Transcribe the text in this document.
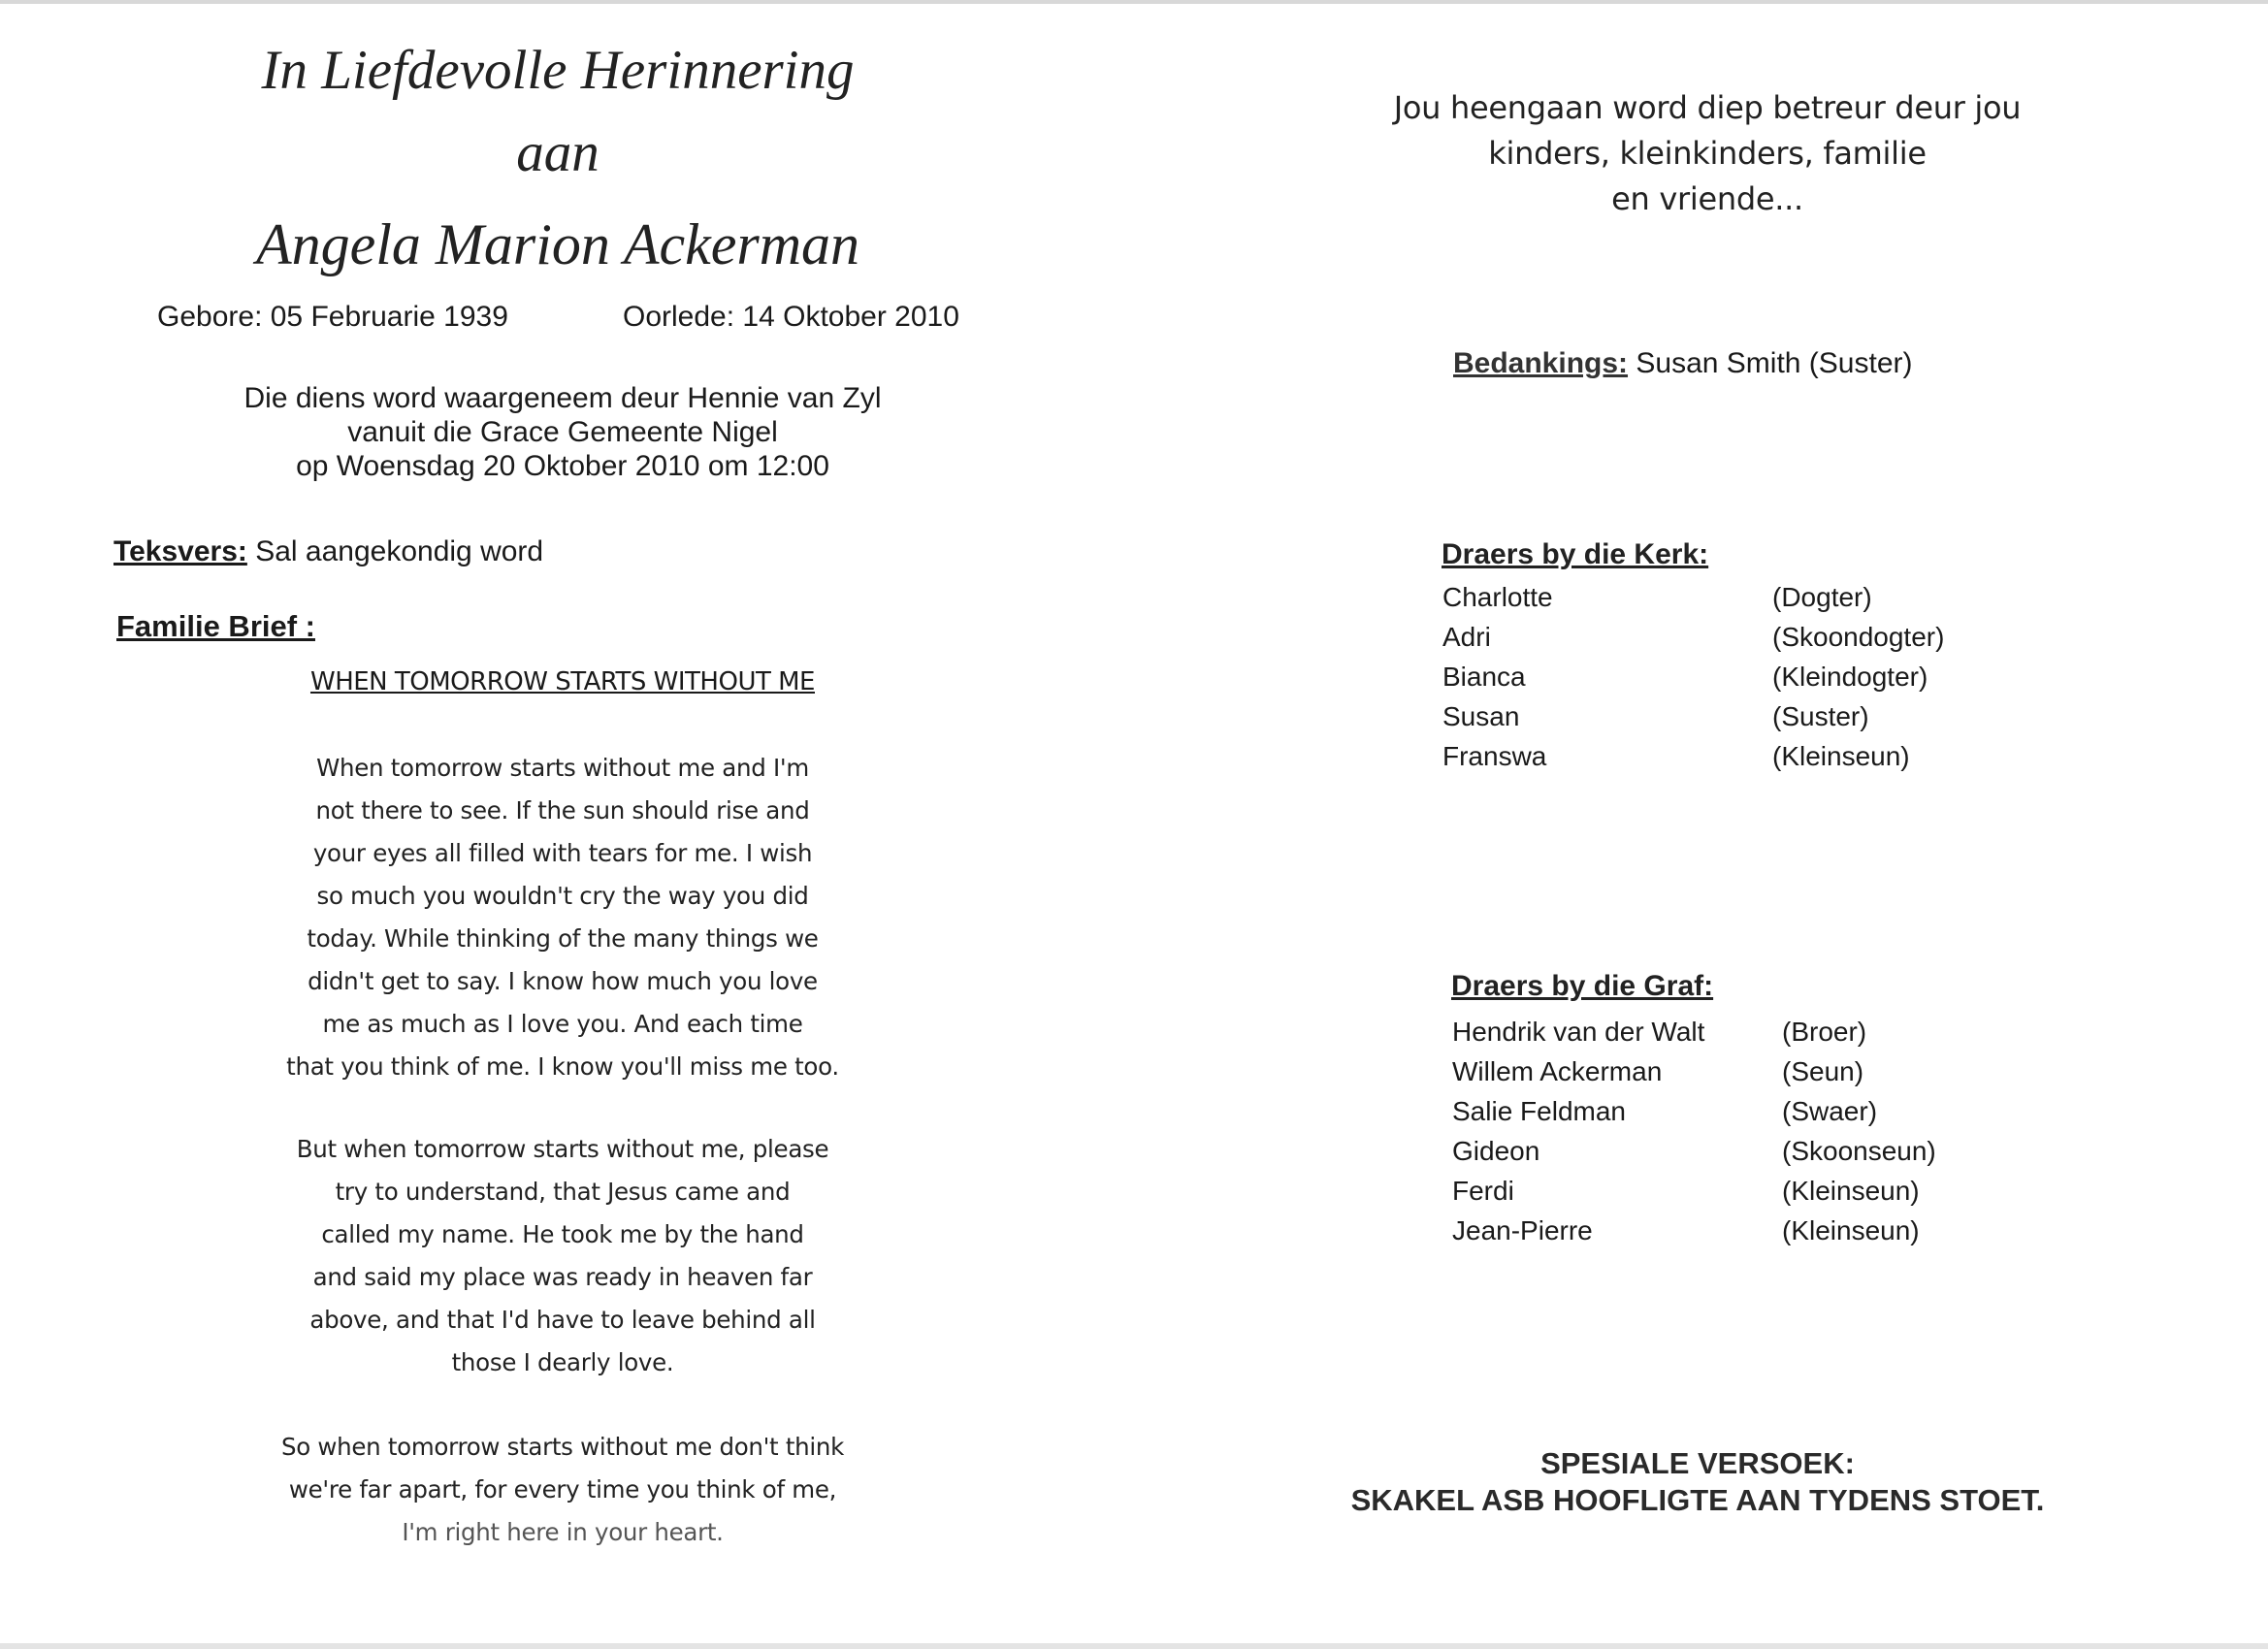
In Liefdevolle Herinnering
aan
Angela Marion Ackerman
Gebore: 05 Februarie 1939	Oorlede: 14 Oktober 2010
Die diens word waargeneem deur Hennie van Zyl
vanuit die Grace Gemeente Nigel
op Woensdag 20 Oktober 2010 om 12:00
Teksvers: Sal aangekondig word
Familie Brief :
WHEN TOMORROW STARTS WITHOUT ME
When tomorrow starts without me and I'm
not there to see. If the sun should rise and
your eyes all filled with tears for me. I wish
so much you wouldn't cry the way you did
today. While thinking of the many things we
didn't get to say. I know how much you love
me as much as I love you. And each time
that you think of me. I know you'll miss me too.
But when tomorrow starts without me, please
try to understand, that Jesus came and
called my name. He took me by the hand
and said my place was ready in heaven far
above, and that I'd have to leave behind all
those I dearly love.
So when tomorrow starts without me don't think
we're far apart, for every time you think of me,
I'm right here in your heart.
Jou heengaan word diep betreur deur jou
kinders, kleinkinders, familie
en vriende...
Bedankings: Susan Smith (Suster)
Draers by die Kerk:
Charlotte	(Dogter)
Adri	(Skoondogter)
Bianca	(Kleindogter)
Susan	(Suster)
Franswa	(Kleinseun)
Draers by die Graf:
Hendrik van der Walt	(Broer)
Willem Ackerman	(Seun)
Salie Feldman	(Swaer)
Gideon	(Skoonseun)
Ferdi	(Kleinseun)
Jean-Pierre	(Kleinseun)
SPESIALE VERSOEK:
SKAKEL ASB HOOFLIGTE AAN TYDENS STOET.
